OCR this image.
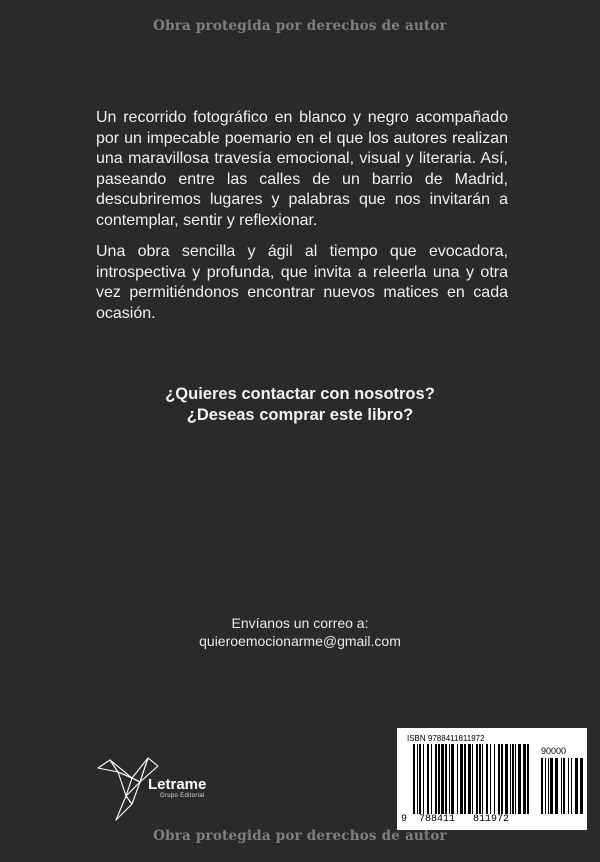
Obra protegida por derechos de autor

Un recorrido fotográfico en blanco y negro acompañado por un impecable poemario en el que los autores realizan una maravillosa travesía emocional, visual y literaria. Así, paseando entre las calles de un barrio de Madrid, descubriremos lugares y palabras que nos invitarán a contemplar, sentir y reflexionar.

Una obra sencilla y ágil al tiempo que evocadora, introspectiva y profunda, que invita a releerla una y otra vez permitiéndonos encontrar nuevos matices en cada ocasión.

¿Quieres contactar con nosotros?
¿Deseas comprar este libro?
Envíanos un correo a:
quieroemocionarme@gmail.com
Letrame
Grupo Editorial
ISBN 9788411811972
90000
9 788411 811972
Obra protegida por derechos de autor
